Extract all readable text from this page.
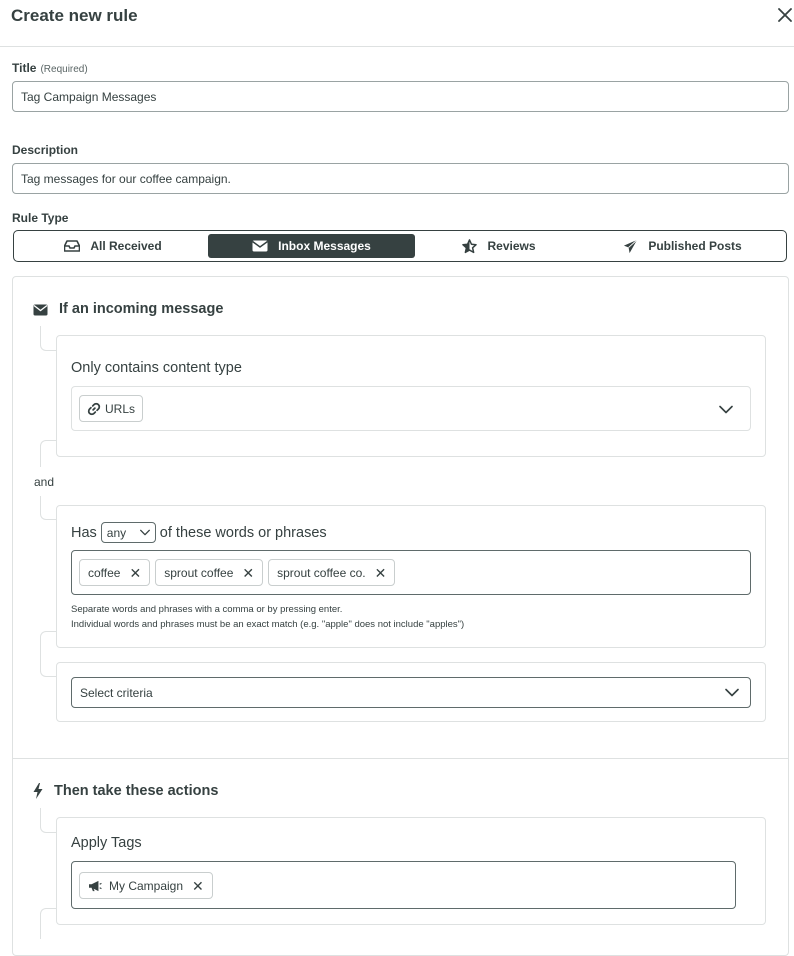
Create new rule
Title (Required)
Tag Campaign Messages
Description
Tag messages for our coffee campaign.
Rule Type
All Received	Inbox Messages	Reviews	Published Posts
If an incoming message
Only contains content type
URLs
and
Has any of these words or phrases
coffee ✕ sprout coffee ✕ sprout coffee co. ✕
Separate words and phrases with a comma or by pressing enter.
Individual words and phrases must be an exact match (e.g. "apple" does not include "apples")
Select criteria
Then take these actions
Apply Tags
My Campaign ✕
